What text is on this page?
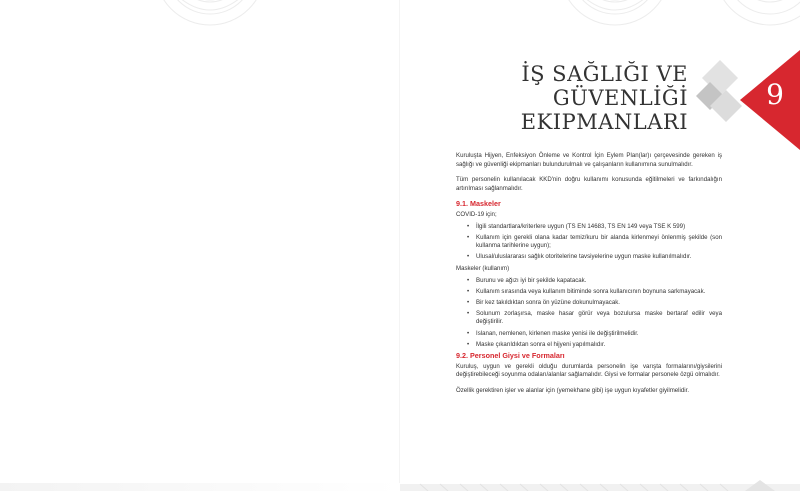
İŞ SAĞLIĞI VE
GÜVENLİĞİ
EKIPMANLARI
9

Kuruluşta Hijyen, Enfeksiyon Önleme ve Kontrol İçin Eylem Plan(lar)ı çerçevesinde gereken iş sağlığı ve güvenliği ekipmanları bulundurulmalı ve çalışanların kullanımına sunulmalıdır.

Tüm personelin kullanılacak KKD'nin doğru kullanımı konusunda eğitilmeleri ve farkındalığın artırılması sağlanmalıdır.

9.1. Maskeler
COVID-19 için;
• İlgili standartlara/kriterlere uygun (TS EN 14683, TS EN 149 veya TSE K 599)
• Kullanım için gerekli olana kadar temiz/kuru bir alanda kirlenmeyi önlenmiş şekilde (son kullanma tarihlerine uygun);
• Ulusal/uluslararası sağlık otoritelerine tavsiyelerine uygun maske kullanılmalıdır.
Maskeler (kullanım)
• Burunu ve ağızı iyi bir şekilde kapatacak.
• Kullanım sırasında veya kullanım bitiminde sonra kullanıcının boynuna sarkmayacak.
• Bir kez takıldıktan sonra ön yüzüne dokunulmayacak.
• Solunum zorlaşırsa, maske hasar görür veya bozulursa maske bertaraf edilir veya değiştirilir.
• Islanan, nemlenen, kirlenen maske yenisi ile değiştirilmelidir.
• Maske çıkarıldıktan sonra el hijyeni yapılmalıdır.
9.2. Personel Giysi ve Formaları

Kuruluş, uygun ve gerekli olduğu durumlarda personelin işe varışta formalarını/giysilerini değiştirebileceği soyunma odaları/alanlar sağlamalıdır. Giysi ve formalar personele özgü olmalıdır.

Özellik gerektiren işler ve alanlar için (yemekhane gibi) işe uygun kıyafetler giyilmelidir.
